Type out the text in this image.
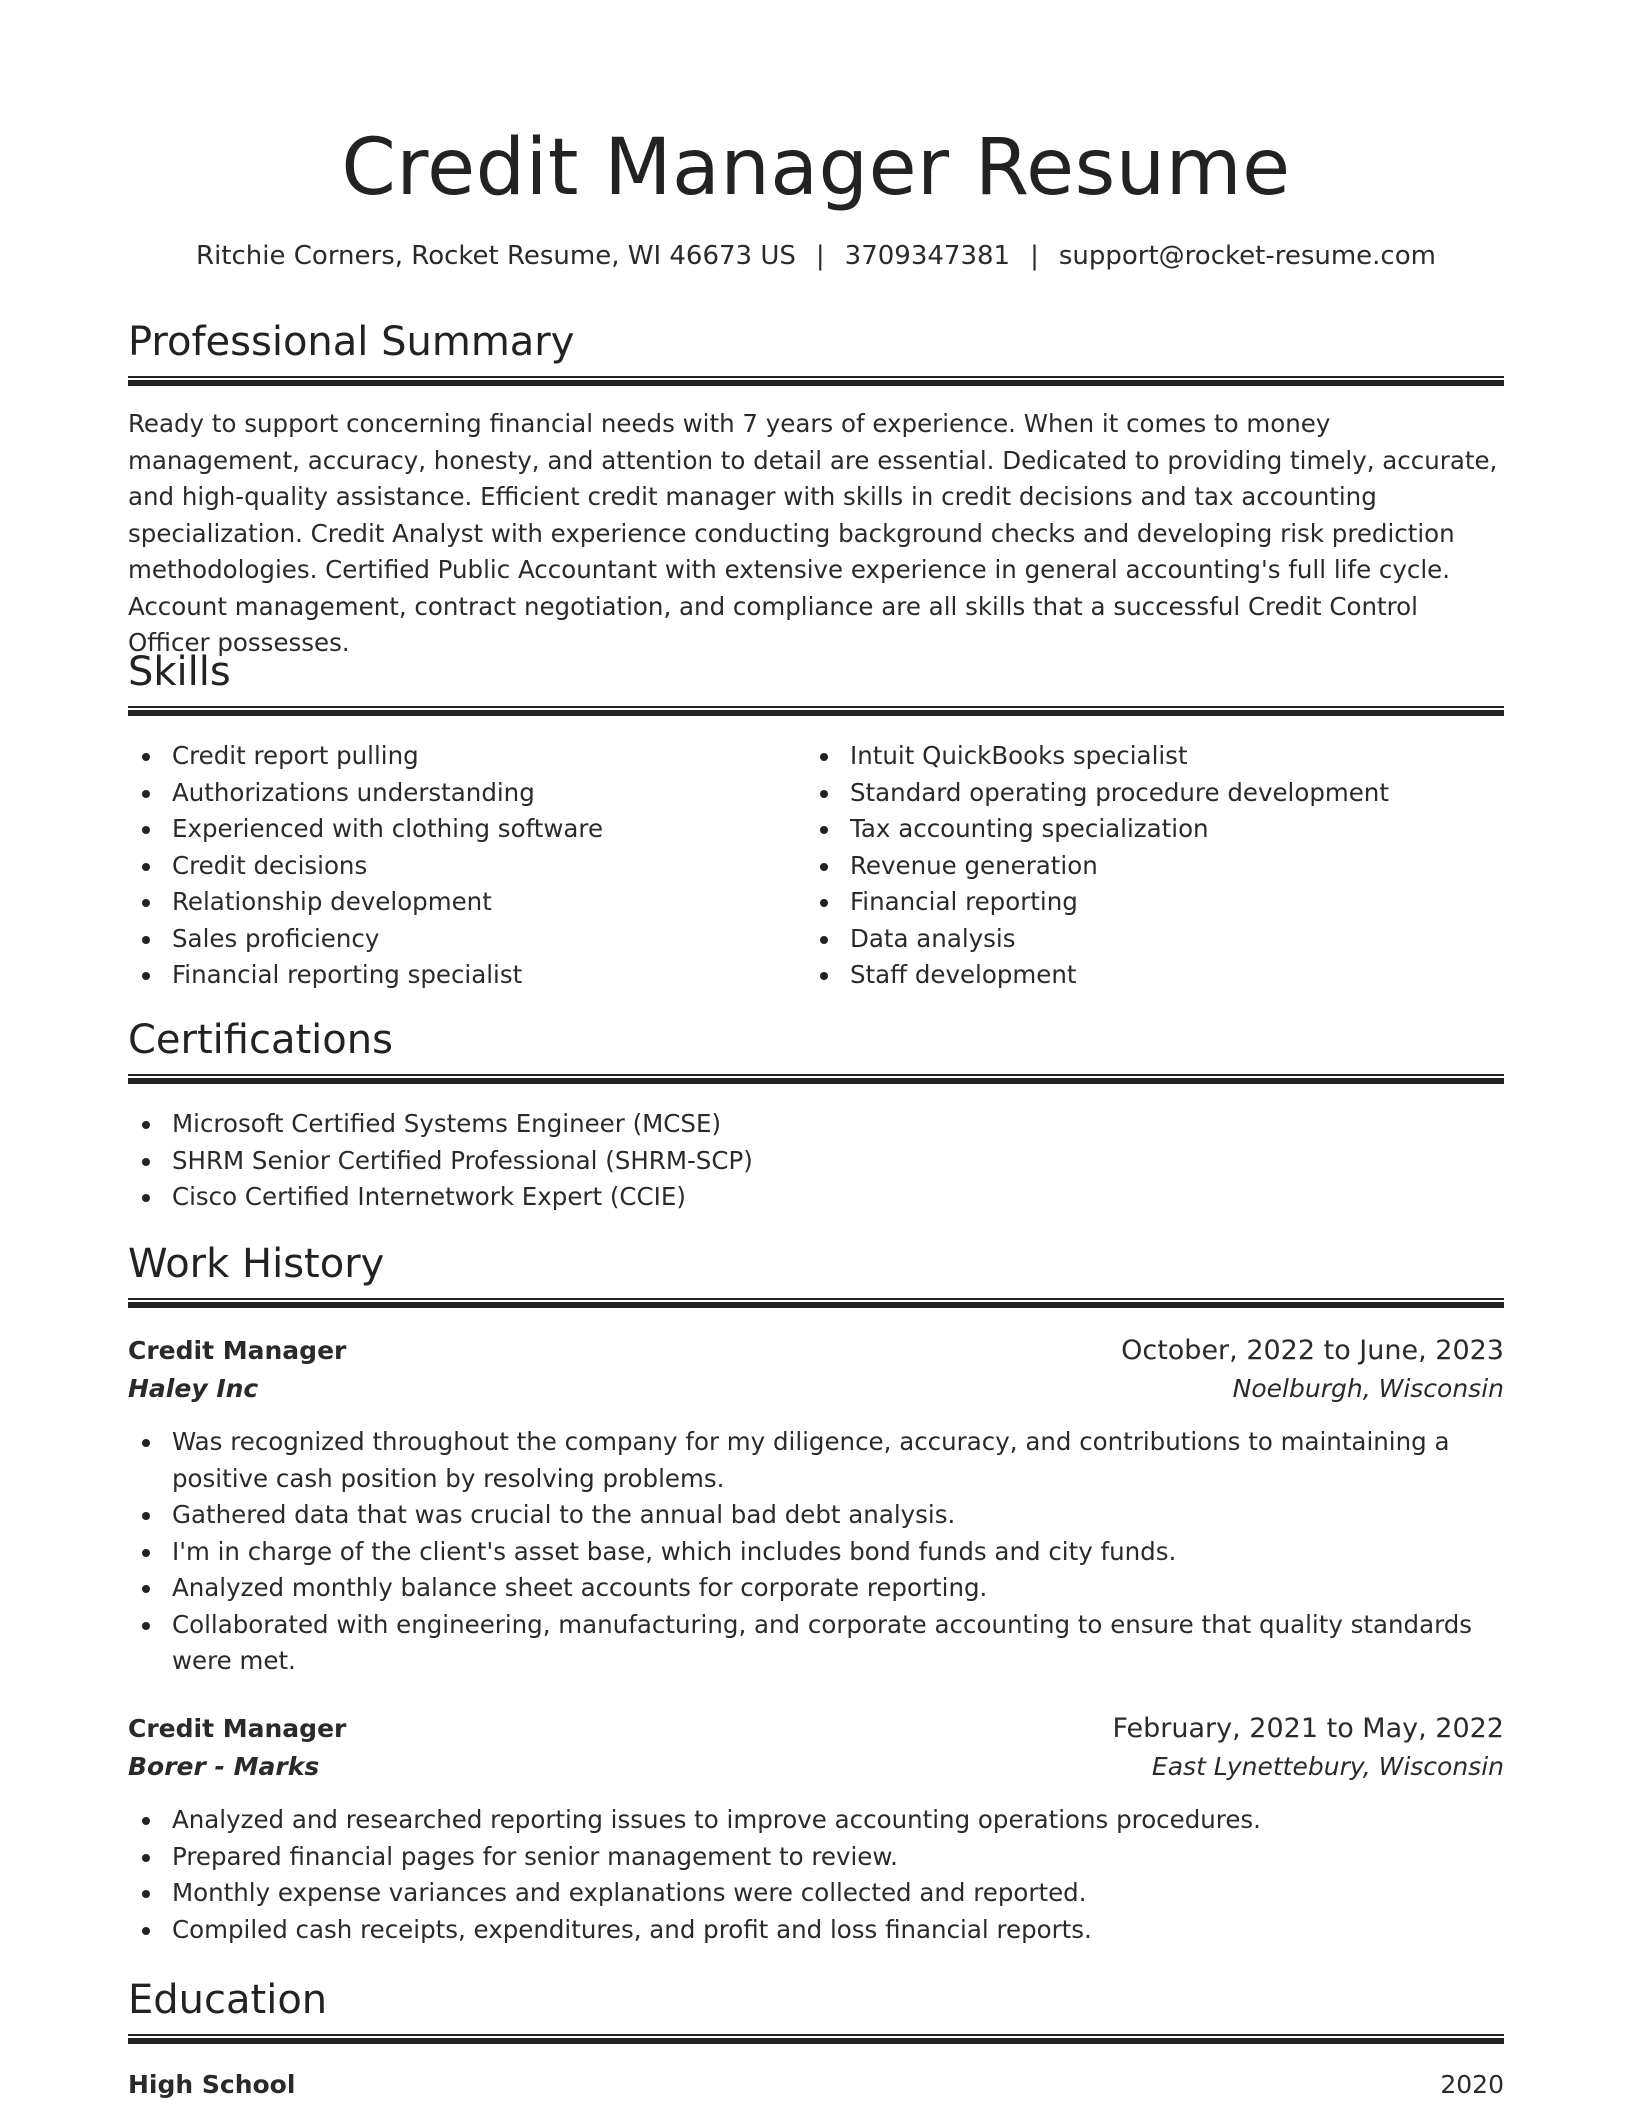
Credit Manager Resume
Ritchie Corners, Rocket Resume, WI 46673 US | 3709347381 | support@rocket-resume.com
Professional Summary

Ready to support concerning financial needs with 7 years of experience. When it comes to money management, accuracy, honesty, and attention to detail are essential. Dedicated to providing timely, accurate, and high-quality assistance. Efficient credit manager with skills in credit decisions and tax accounting specialization. Credit Analyst with experience conducting background checks and developing risk prediction methodologies. Certified Public Accountant with extensive experience in general accounting's full life cycle. Account management, contract negotiation, and compliance are all skills that a successful Credit Control Officer possesses.

Skills
Credit report pulling
Authorizations understanding
Experienced with clothing software
Credit decisions
Relationship development
Sales proficiency
Financial reporting specialist
Intuit QuickBooks specialist
Standard operating procedure development
Tax accounting specialization
Revenue generation
Financial reporting
Data analysis
Staff development
Certifications
Microsoft Certified Systems Engineer (MCSE)
SHRM Senior Certified Professional (SHRM-SCP)
Cisco Certified Internetwork Expert (CCIE)
Work History
Credit Manager	October, 2022 to June, 2023
Haley Inc	Noelburgh, Wisconsin
Was recognized throughout the company for my diligence, accuracy, and contributions to maintaining a positive cash position by resolving problems.
Gathered data that was crucial to the annual bad debt analysis.
I'm in charge of the client's asset base, which includes bond funds and city funds.
Analyzed monthly balance sheet accounts for corporate reporting.
Collaborated with engineering, manufacturing, and corporate accounting to ensure that quality standards were met.
Credit Manager	February, 2021 to May, 2022
Borer - Marks	East Lynettebury, Wisconsin
Analyzed and researched reporting issues to improve accounting operations procedures.
Prepared financial pages for senior management to review.
Monthly expense variances and explanations were collected and reported.
Compiled cash receipts, expenditures, and profit and loss financial reports.
Education
High School	2020
